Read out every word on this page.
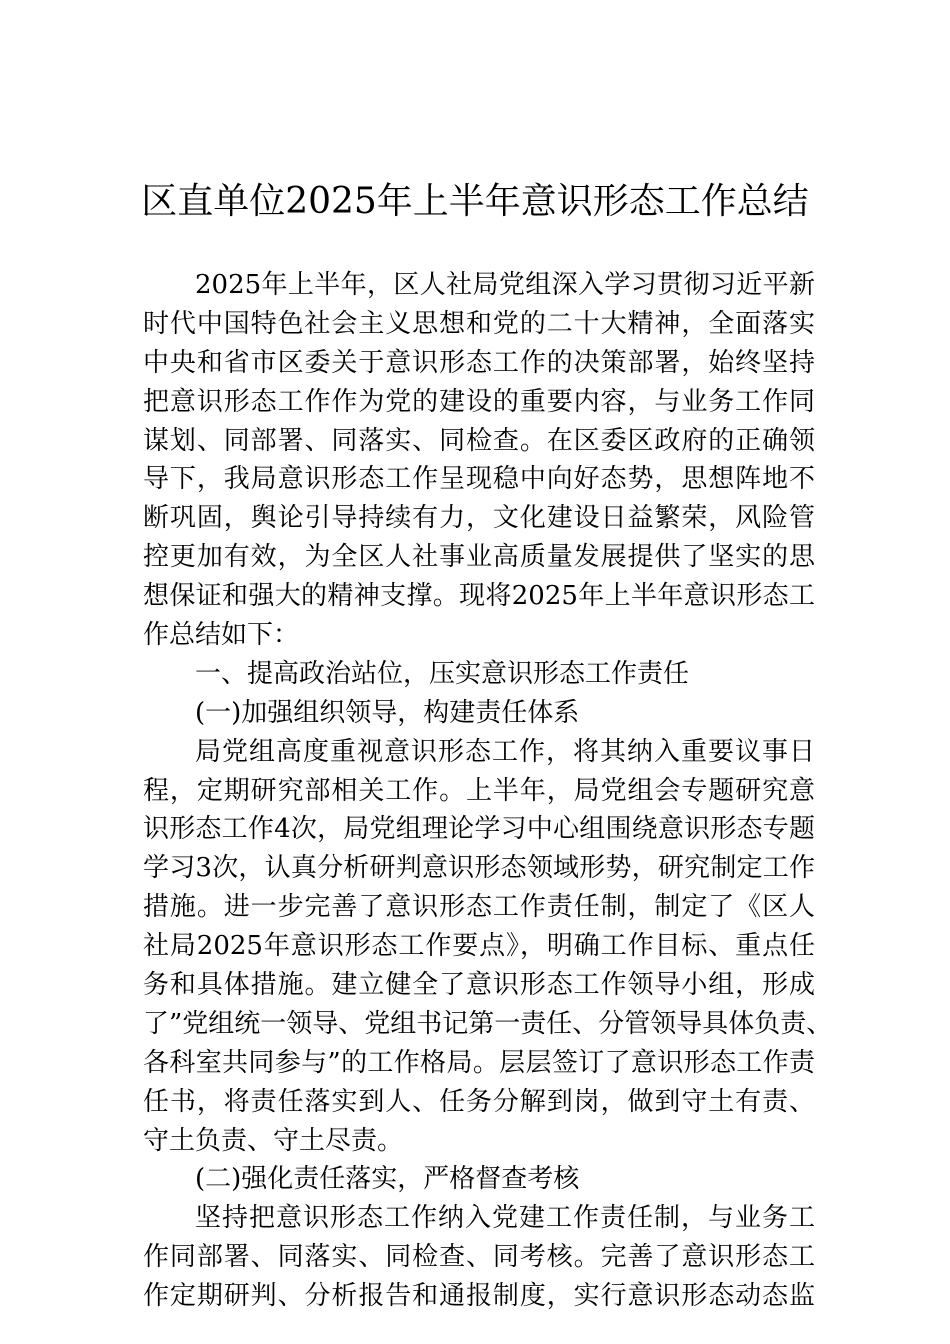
区直单位2025年上半年意识形态工作总结
2025年上半年，区人社局党组深入学习贯彻习近平新
时代中国特色社会主义思想和党的二十大精神，全面落实
中央和省市区委关于意识形态工作的决策部署，始终坚持
把意识形态工作作为党的建设的重要内容，与业务工作同
谋划、同部署、同落实、同检查。在区委区政府的正确领
导下，我局意识形态工作呈现稳中向好态势，思想阵地不
断巩固，舆论引导持续有力，文化建设日益繁荣，风险管
控更加有效，为全区人社事业高质量发展提供了坚实的思
想保证和强大的精神支撑。现将2025年上半年意识形态工
作总结如下：
一、提高政治站位，压实意识形态工作责任
(一)加强组织领导，构建责任体系
局党组高度重视意识形态工作，将其纳入重要议事日
程，定期研究部相关工作。上半年，局党组会专题研究意
识形态工作4次，局党组理论学习中心组围绕意识形态专题
学习3次，认真分析研判意识形态领域形势，研究制定工作
措施。进一步完善了意识形态工作责任制，制定了《区人
社局2025年意识形态工作要点》，明确工作目标、重点任
务和具体措施。建立健全了意识形态工作领导小组，形成
了”党组统一领导、党组书记第一责任、分管领导具体负责、
各科室共同参与”的工作格局。层层签订了意识形态工作责
任书，将责任落实到人、任务分解到岗，做到守土有责、
守土负责、守土尽责。
(二)强化责任落实，严格督查考核
坚持把意识形态工作纳入党建工作责任制，与业务工
作同部署、同落实、同检查、同考核。完善了意识形态工
作定期研判、分析报告和通报制度，实行意识形态动态监
